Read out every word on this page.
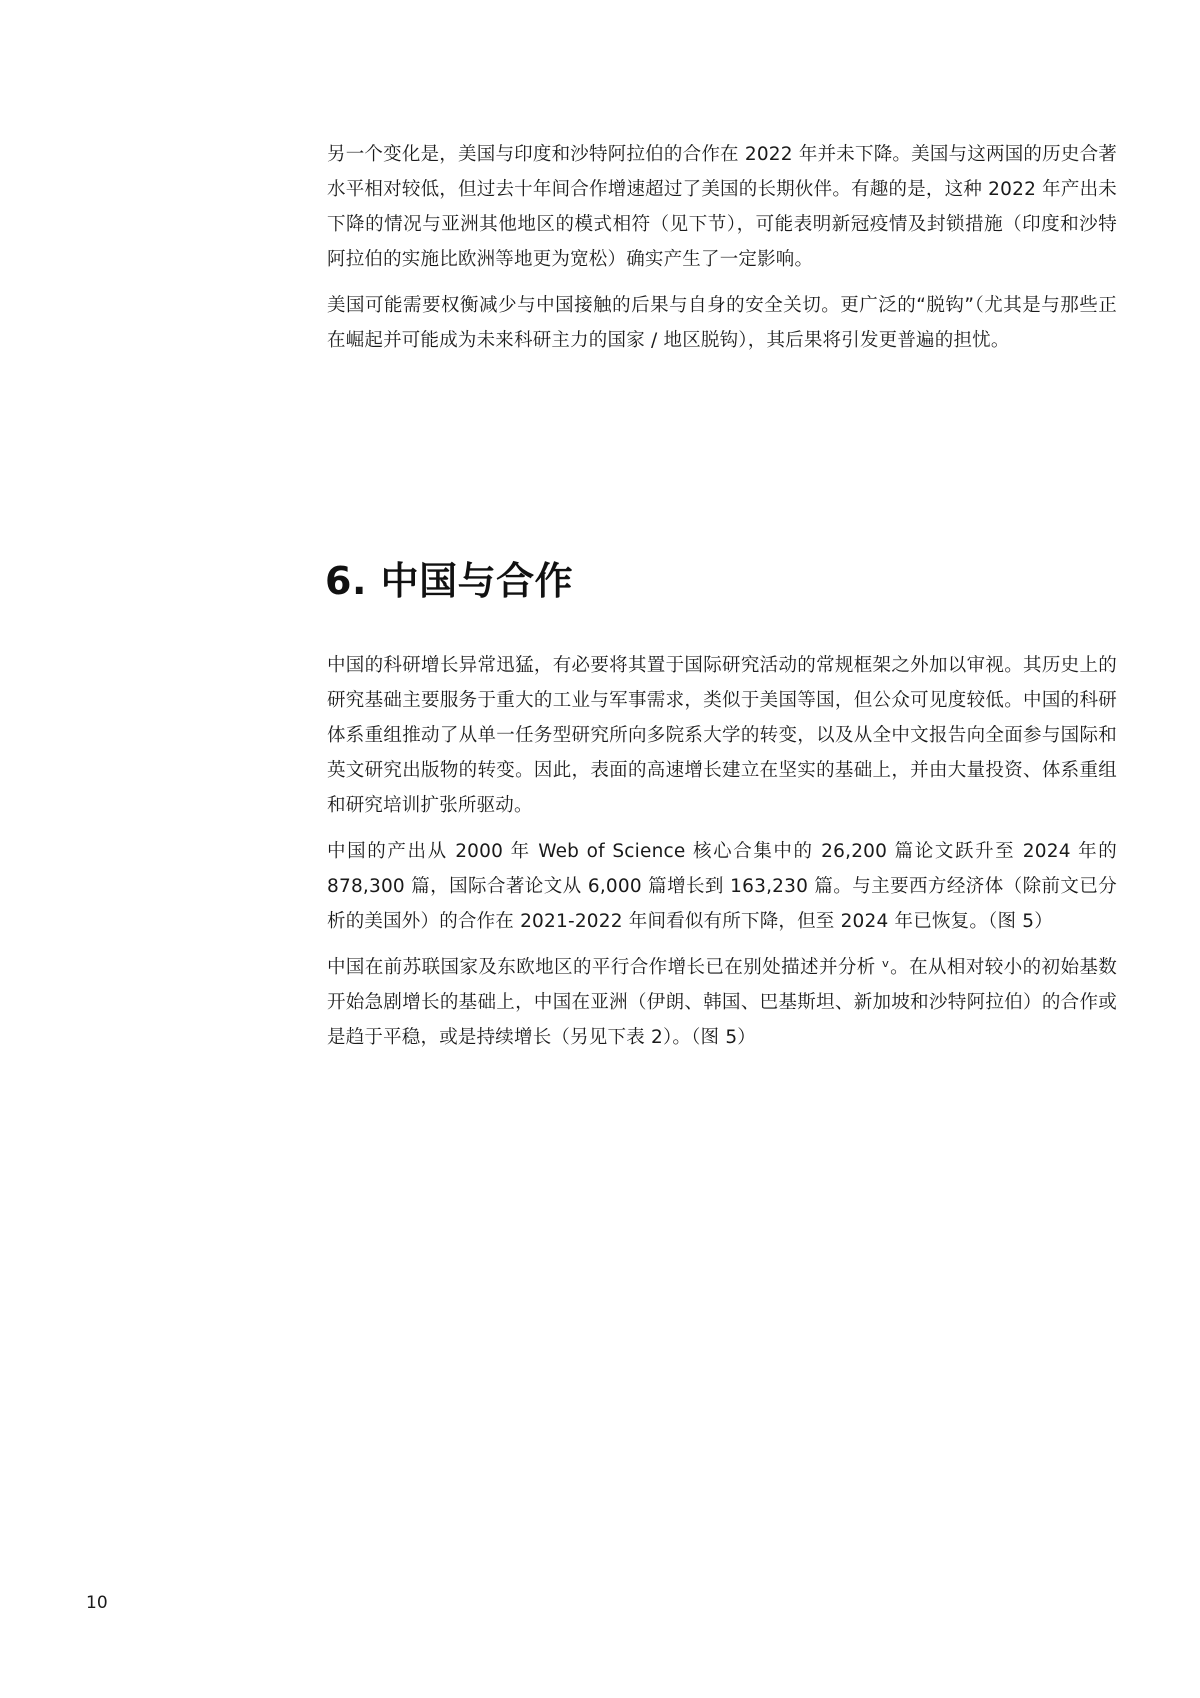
另一个变化是，美国与印度和沙特阿拉伯的合作在 2022 年并未下降。美国与这两国的历史合著水平相对较低，但过去十年间合作增速超过了美国的长期伙伴。有趣的是，这种 2022 年产出未下降的情况与亚洲其他地区的模式相符（见下节），可能表明新冠疫情及封锁措施（印度和沙特阿拉伯的实施比欧洲等地更为宽松）确实产生了一定影响。

美国可能需要权衡减少与中国接触的后果与自身的安全关切。更广泛的“脱钩”（尤其是与那些正在崛起并可能成为未来科研主力的国家 / 地区脱钩），其后果将引发更普遍的担忧。

6. 中国与合作

中国的科研增长异常迅猛，有必要将其置于国际研究活动的常规框架之外加以审视。其历史上的研究基础主要服务于重大的工业与军事需求，类似于美国等国，但公众可见度较低。中国的科研体系重组推动了从单一任务型研究所向多院系大学的转变，以及从全中文报告向全面参与国际和英文研究出版物的转变。因此，表面的高速增长建立在坚实的基础上，并由大量投资、体系重组和研究培训扩张所驱动。

中国的产出从 2000 年 Web of Science 核心合集中的 26,200 篇论文跃升至 2024 年的 878,300 篇，国际合著论文从 6,000 篇增长到 163,230 篇。与主要西方经济体（除前文已分析的美国外）的合作在 2021-2022 年间看似有所下降，但至 2024 年已恢复。（图 5）

中国在前苏联国家及东欧地区的平行合作增长已在别处描述并分析 ᵛ。在从相对较小的初始基数开始急剧增长的基础上，中国在亚洲（伊朗、韩国、巴基斯坦、新加坡和沙特阿拉伯）的合作或是趋于平稳，或是持续增长（另见下表 2）。（图 5）

10
